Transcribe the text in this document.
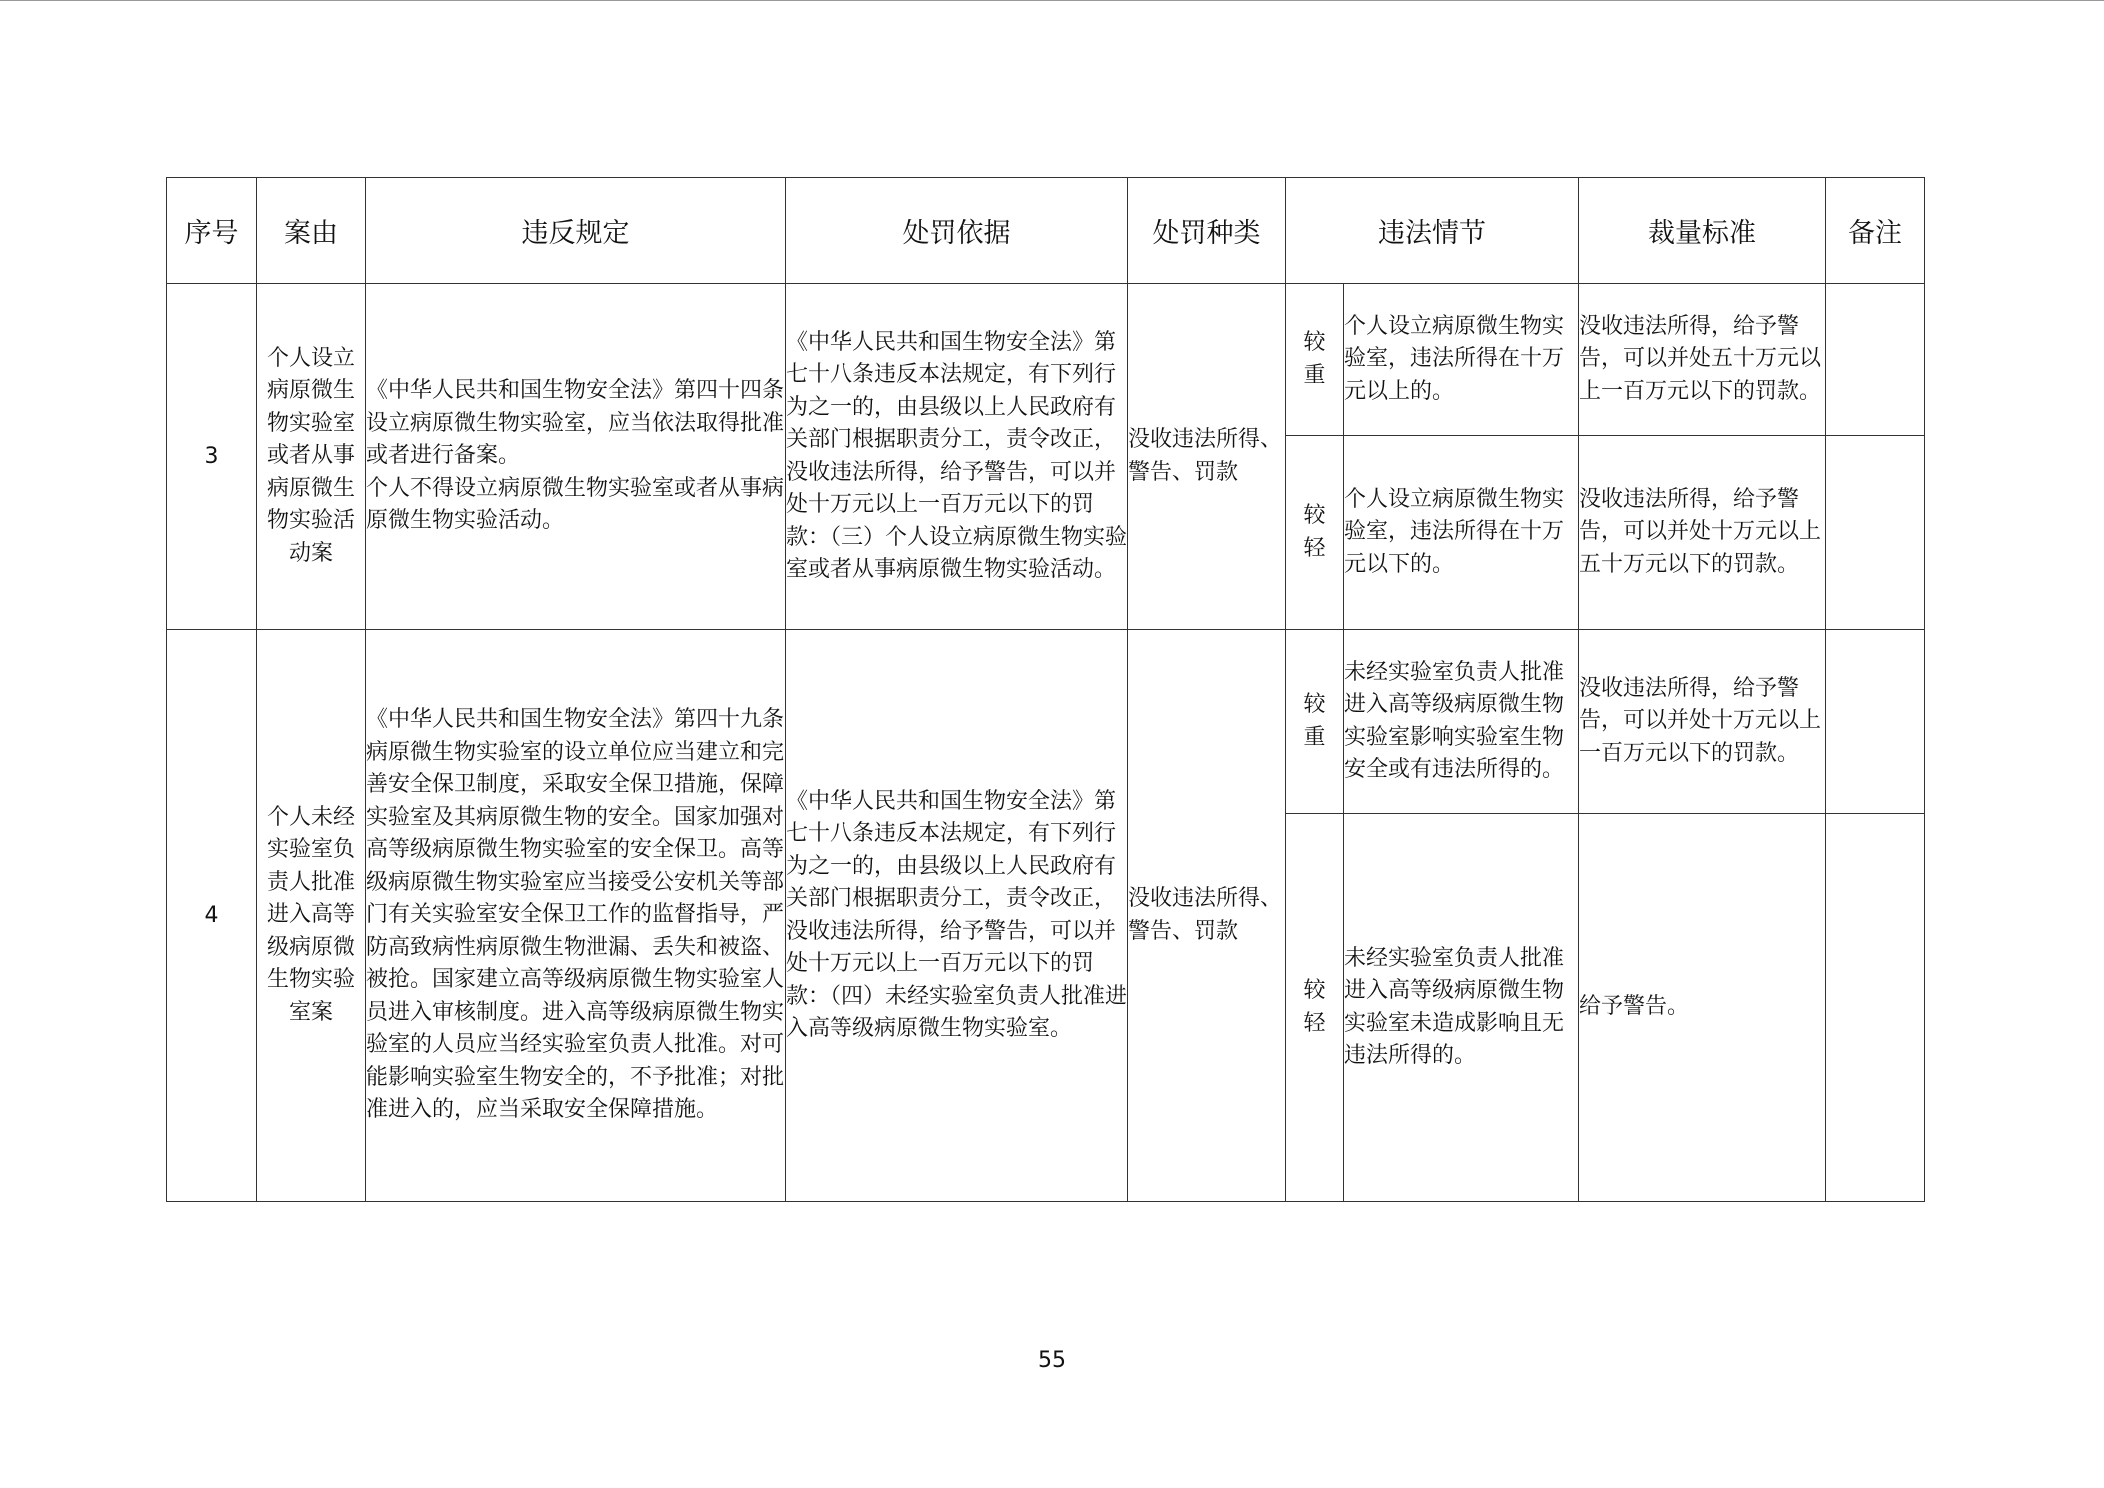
序号	案由	违反规定	处罚依据	处罚种类	违法情节		裁量标准	备注
3	个人设立病原微生物实验室或者从事病原微生物实验活动案	《中华人民共和国生物安全法》第四十四条设立病原微生物实验室，应当依法取得批准或者进行备案。
个人不得设立病原微生物实验室或者从事病原微生物实验活动。	《中华人民共和国生物安全法》第七十八条违反本法规定，有下列行为之一的，由县级以上人民政府有关部门根据职责分工，责令改正，没收违法所得，给予警告，可以并处十万元以上一百万元以下的罚款：（三）个人设立病原微生物实验室或者从事病原微生物实验活动。	没收违法所得、警告、罚款	较重	个人设立病原微生物实验室，违法所得在十万元以上的。	没收违法所得，给予警告，可以并处五十万元以上一百万元以下的罚款。	

					较轻	个人设立病原微生物实验室，违法所得在十万元以下的。	没收违法所得，给予警告，可以并处十万元以上五十万元以下的罚款。	
4	个人未经实验室负责人批准进入高等级病原微生物实验室案	《中华人民共和国生物安全法》第四十九条病原微生物实验室的设立单位应当建立和完善安全保卫制度，采取安全保卫措施，保障实验室及其病原微生物的安全。国家加强对高等级病原微生物实验室的安全保卫。高等级病原微生物实验室应当接受公安机关等部门有关实验室安全保卫工作的监督指导，严防高致病性病原微生物泄漏、丢失和被盗、被抢。国家建立高等级病原微生物实验室人员进入审核制度。进入高等级病原微生物实验室的人员应当经实验室负责人批准。对可能影响实验室生物安全的，不予批准；对批准进入的，应当采取安全保障措施。	《中华人民共和国生物安全法》第七十八条违反本法规定，有下列行为之一的，由县级以上人民政府有关部门根据职责分工，责令改正，没收违法所得，给予警告，可以并处十万元以上一百万元以下的罚款：（四）未经实验室负责人批准进入高等级病原微生物实验室。	没收违法所得、警告、罚款	较重	未经实验室负责人批准进入高等级病原微生物实验室影响实验室生物安全或有违法所得的。	没收违法所得，给予警告，可以并处十万元以上一百万元以下的罚款。	

					较轻	未经实验室负责人批准进入高等级病原微生物实验室未造成影响且无违法所得的。	给予警告。	
55
